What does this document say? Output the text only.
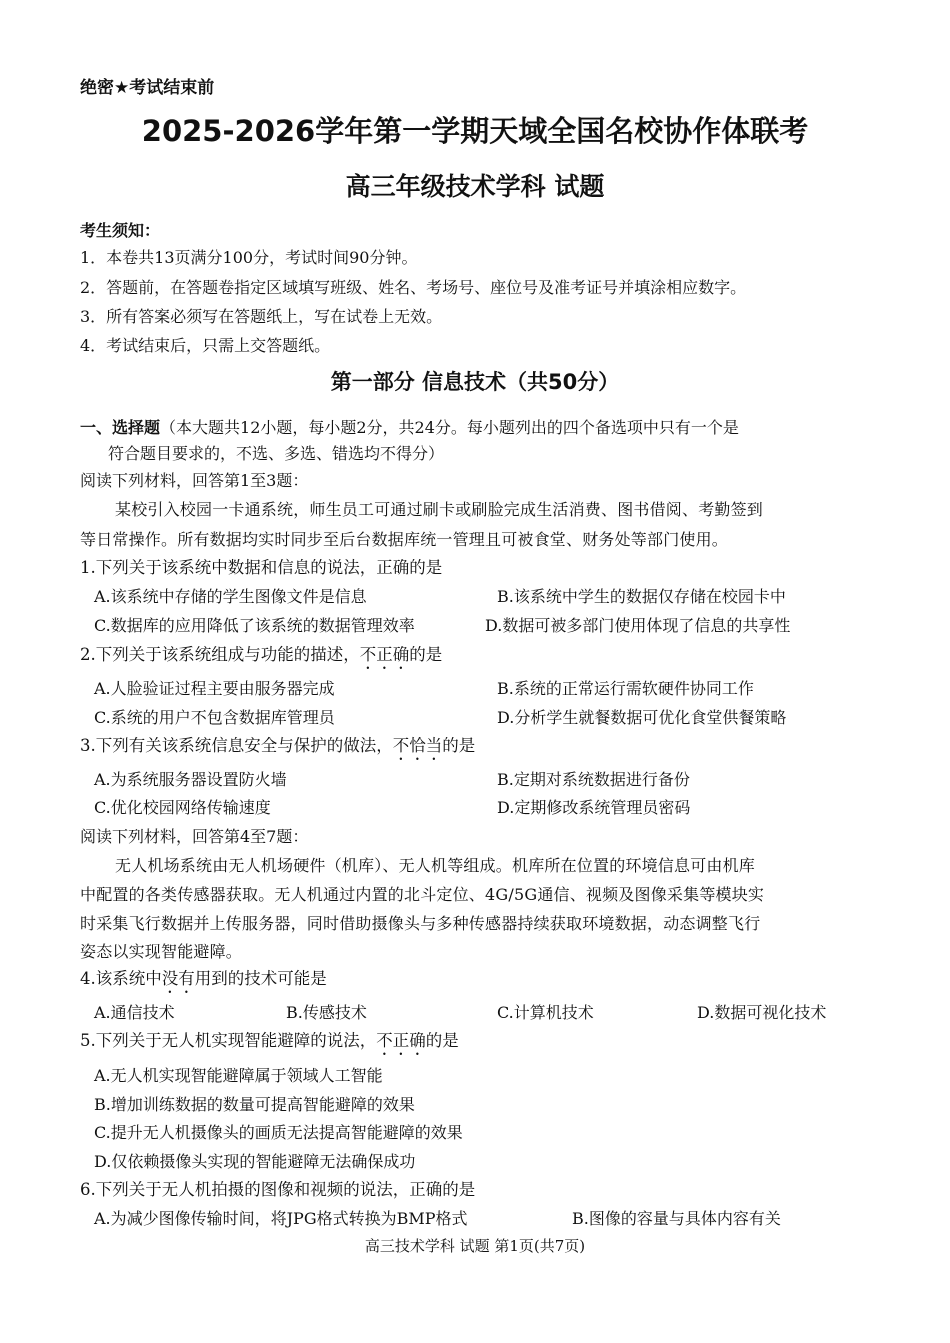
绝密★考试结束前
2025-2026学年第一学期天域全国名校协作体联考
高三年级技术学科 试题
考生须知：
1．本卷共13页满分100分，考试时间90分钟。
2．答题前，在答题卷指定区域填写班级、姓名、考场号、座位号及准考证号并填涂相应数字。
3．所有答案必须写在答题纸上，写在试卷上无效。
4．考试结束后，只需上交答题纸。
第一部分 信息技术（共50分）
一、选择题（本大题共12小题，每小题2分，共24分。每小题列出的四个备选项中只有一个是
符合题目要求的，不选、多选、错选均不得分）
阅读下列材料，回答第1至3题：
某校引入校园一卡通系统，师生员工可通过刷卡或刷脸完成生活消费、图书借阅、考勤签到
等日常操作。所有数据均实时同步至后台数据库统一管理且可被食堂、财务处等部门使用。
1.下列关于该系统中数据和信息的说法，正确的是
A.该系统中存储的学生图像文件是信息	B.该系统中学生的数据仅存储在校园卡中
C.数据库的应用降低了该系统的数据管理效率	D.数据可被多部门使用体现了信息的共享性
2.下列关于该系统组成与功能的描述，不正确的是
A.人脸验证过程主要由服务器完成	B.系统的正常运行需软硬件协同工作
C.系统的用户不包含数据库管理员	D.分析学生就餐数据可优化食堂供餐策略
3.下列有关该系统信息安全与保护的做法，不恰当的是
A.为系统服务器设置防火墙	B.定期对系统数据进行备份
C.优化校园网络传输速度	D.定期修改系统管理员密码
阅读下列材料，回答第4至7题：
无人机场系统由无人机场硬件（机库）、无人机等组成。机库所在位置的环境信息可由机库
中配置的各类传感器获取。无人机通过内置的北斗定位、4G/5G通信、视频及图像采集等模块实
时采集飞行数据并上传服务器，同时借助摄像头与多种传感器持续获取环境数据，动态调整飞行
姿态以实现智能避障。
4.该系统中没有用到的技术可能是
A.通信技术	B.传感技术	C.计算机技术	D.数据可视化技术
5.下列关于无人机实现智能避障的说法，不正确的是
A.无人机实现智能避障属于领域人工智能
B.增加训练数据的数量可提高智能避障的效果
C.提升无人机摄像头的画质无法提高智能避障的效果
D.仅依赖摄像头实现的智能避障无法确保成功
6.下列关于无人机拍摄的图像和视频的说法，正确的是
A.为减少图像传输时间，将JPG格式转换为BMP格式	B.图像的容量与具体内容有关
高三技术学科 试题 第1页(共7页)
